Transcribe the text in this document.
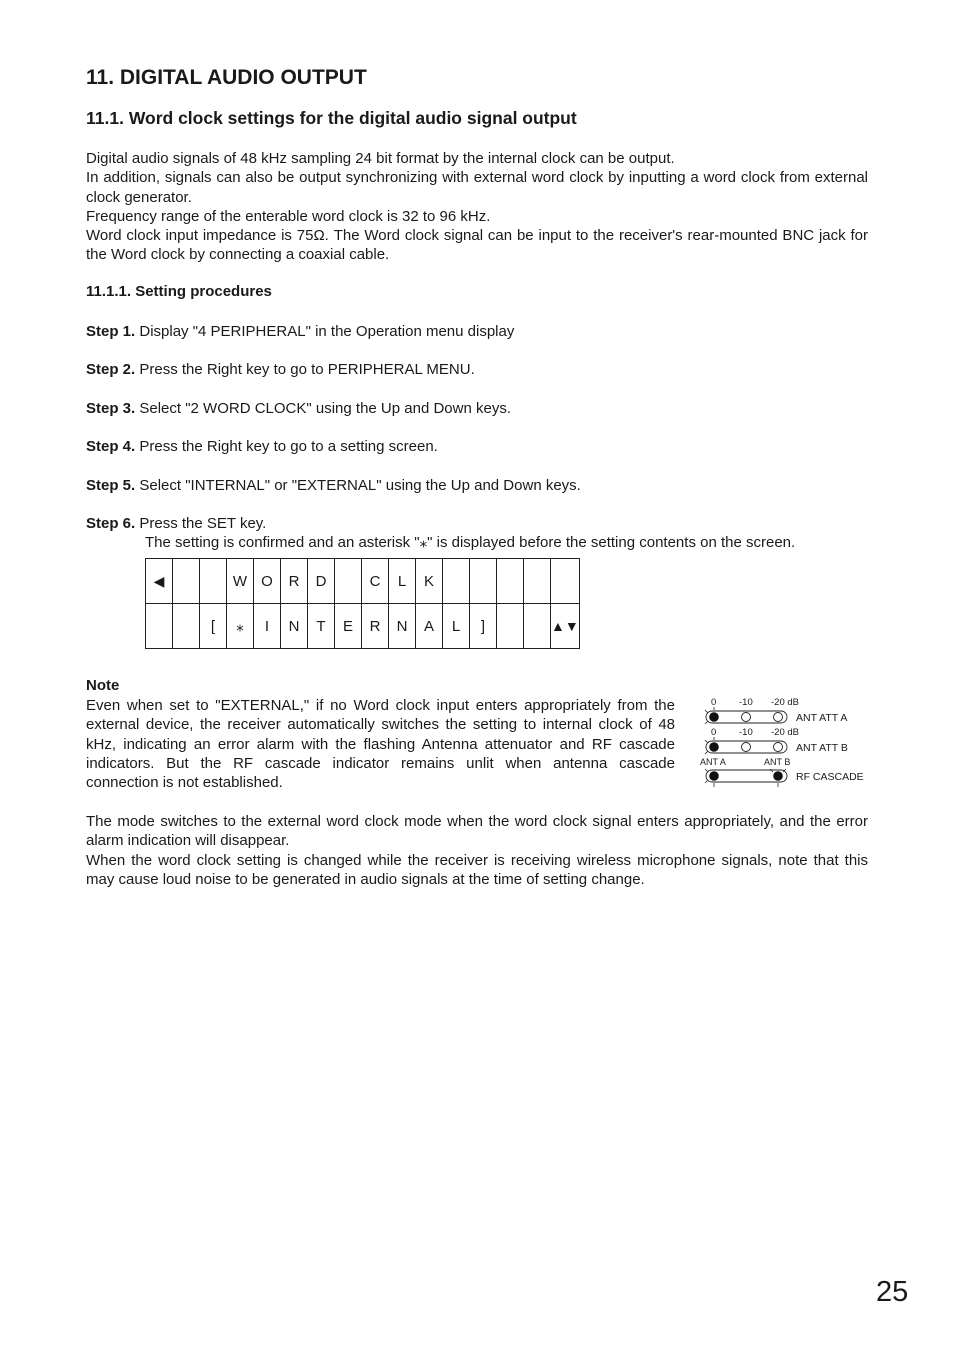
11. DIGITAL AUDIO OUTPUT
11.1. Word clock settings for the digital audio signal output

Digital audio signals of 48 kHz sampling 24 bit format by the internal clock can be output.

In addition, signals can also be output synchronizing with external word clock by inputting a word clock from external clock generator.

Frequency range of the enterable word clock is 32 to 96 kHz.

Word clock input impedance is 75Ω. The Word clock signal can be input to the receiver's rear-mounted BNC jack for the Word clock by connecting a coaxial cable.

11.1.1. Setting procedures

Step 1. Display "4 PERIPHERAL" in the Operation menu display

Step 2. Press the Right key to go to PERIPHERAL MENU.

Step 3. Select "2 WORD CLOCK" using the Up and Down keys.

Step 4. Press the Right key to go to a setting screen.

Step 5. Select "INTERNAL" or "EXTERNAL" using the Up and Down keys.

Step 6. Press the SET key.

The setting is confirmed and an asterisk "⁎" is displayed before the setting contents on the screen.
◀			W	O	R	D		C	L	K					
		[	⁎	I	N	T	E	R	N	A	L	]			▲▼
Note

Even when set to "EXTERNAL," if no Word clock input enters appropriately from the external device, the receiver automatically switches the setting to internal clock of 48 kHz, indicating an error alarm with the flashing Antenna attenuator and RF cascade indicators. But the RF cascade indicator remains unlit when antenna cascade connection is not established.

0 -10 -20 dB
0 -10 -20 dB
ANT A	ANT B
ANT ATT A
ANT ATT B
RF CASCADE

The mode switches to the external word clock mode when the word clock signal enters appropriately, and the error alarm indication will disappear.

When the word clock setting is changed while the receiver is receiving wireless microphone signals, note that this may cause loud noise to be generated in audio signals at the time of setting change.

25
